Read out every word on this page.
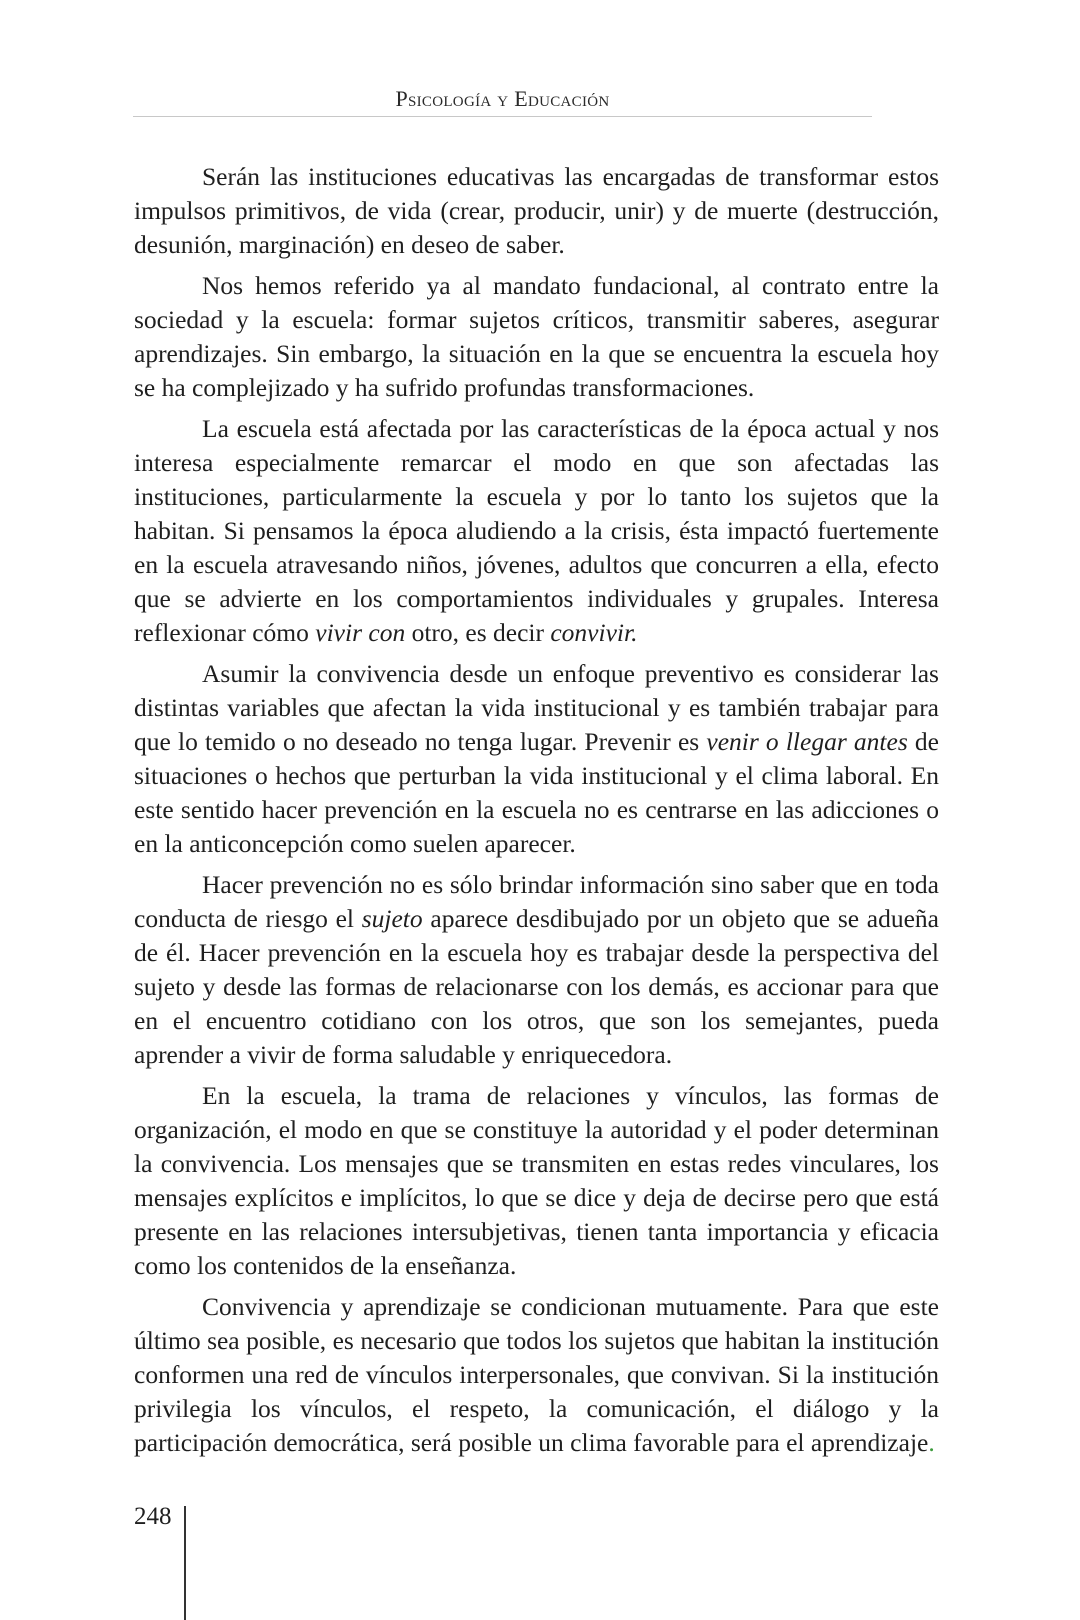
Psicología y Educación

Serán las instituciones educativas las encargadas de transformar estos impulsos primitivos, de vida (crear, producir, unir) y de muerte (destrucción, desunión, marginación) en deseo de saber.

Nos hemos referido ya al mandato fundacional, al contrato entre la sociedad y la escuela: formar sujetos críticos, transmitir saberes, asegurar aprendizajes. Sin embargo, la situación en la que se encuentra la escuela hoy se ha complejizado y ha sufrido profundas transformaciones.

La escuela está afectada por las características de la época actual y nos interesa especialmente remarcar el modo en que son afectadas las instituciones, particularmente la escuela y por lo tanto los sujetos que la habitan. Si pensamos la época aludiendo a la crisis, ésta impactó fuertemente en la escuela atravesando niños, jóvenes, adultos que concurren a ella, efecto que se advierte en los comportamientos individuales y grupales. Interesa reflexionar cómo vivir con otro, es decir convivir.

Asumir la convivencia desde un enfoque preventivo es considerar las distintas variables que afectan la vida institucional y es también trabajar para que lo temido o no deseado no tenga lugar. Prevenir es venir o llegar antes de situaciones o hechos que perturban la vida institucional y el clima laboral. En este sentido hacer prevención en la escuela no es centrarse en las adicciones o en la anticoncepción como suelen aparecer.

Hacer prevención no es sólo brindar información sino saber que en toda conducta de riesgo el sujeto aparece desdibujado por un objeto que se adueña de él. Hacer prevención en la escuela hoy es trabajar desde la perspectiva del sujeto y desde las formas de relacionarse con los demás, es accionar para que en el encuentro cotidiano con los otros, que son los semejantes, pueda aprender a vivir de forma saludable y enriquecedora.

En la escuela, la trama de relaciones y vínculos, las formas de organización, el modo en que se constituye la autoridad y el poder determinan la convivencia. Los mensajes que se transmiten en estas redes vinculares, los mensajes explícitos e implícitos, lo que se dice y deja de decirse pero que está presente en las relaciones intersubjetivas, tienen tanta importancia y eficacia como los contenidos de la enseñanza.

Convivencia y aprendizaje se condicionan mutuamente. Para que este último sea posible, es necesario que todos los sujetos que habitan la institución conformen una red de vínculos interpersonales, que convivan. Si la institución privilegia los vínculos, el respeto, la comunicación, el diálogo y la participación democrática, será posible un clima favorable para el aprendizaje.

248
